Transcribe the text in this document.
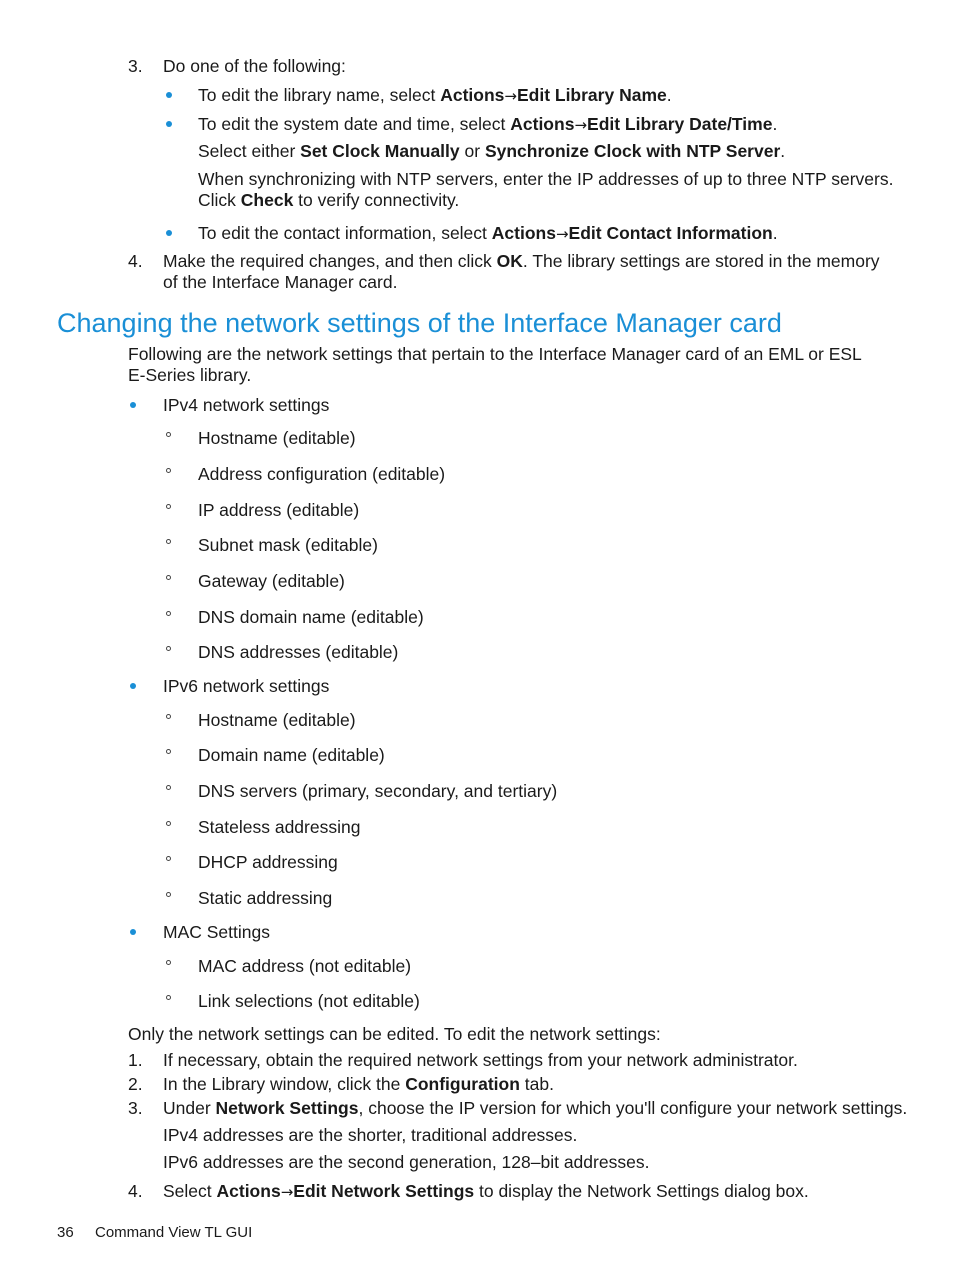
3. Do one of the following:
To edit the library name, select Actions→Edit Library Name.
To edit the system date and time, select Actions→Edit Library Date/Time.
Select either Set Clock Manually or Synchronize Clock with NTP Server.
When synchronizing with NTP servers, enter the IP addresses of up to three NTP servers.
Click Check to verify connectivity.
To edit the contact information, select Actions→Edit Contact Information.
4. Make the required changes, and then click OK. The library settings are stored in the memory
of the Interface Manager card.
Changing the network settings of the Interface Manager card
Following are the network settings that pertain to the Interface Manager card of an EML or ESL
E-Series library.
IPv4 network settings
Hostname (editable)
Address configuration (editable)
IP address (editable)
Subnet mask (editable)
Gateway (editable)
DNS domain name (editable)
DNS addresses (editable)
IPv6 network settings
Hostname (editable)
Domain name (editable)
DNS servers (primary, secondary, and tertiary)
Stateless addressing
DHCP addressing
Static addressing
MAC Settings
MAC address (not editable)
Link selections (not editable)
Only the network settings can be edited. To edit the network settings:
1. If necessary, obtain the required network settings from your network administrator.
2. In the Library window, click the Configuration tab.
3. Under Network Settings, choose the IP version for which you'll configure your network settings.
IPv4 addresses are the shorter, traditional addresses.
IPv6 addresses are the second generation, 128–bit addresses.
4. Select Actions→Edit Network Settings to display the Network Settings dialog box.
36 Command View TL GUI
